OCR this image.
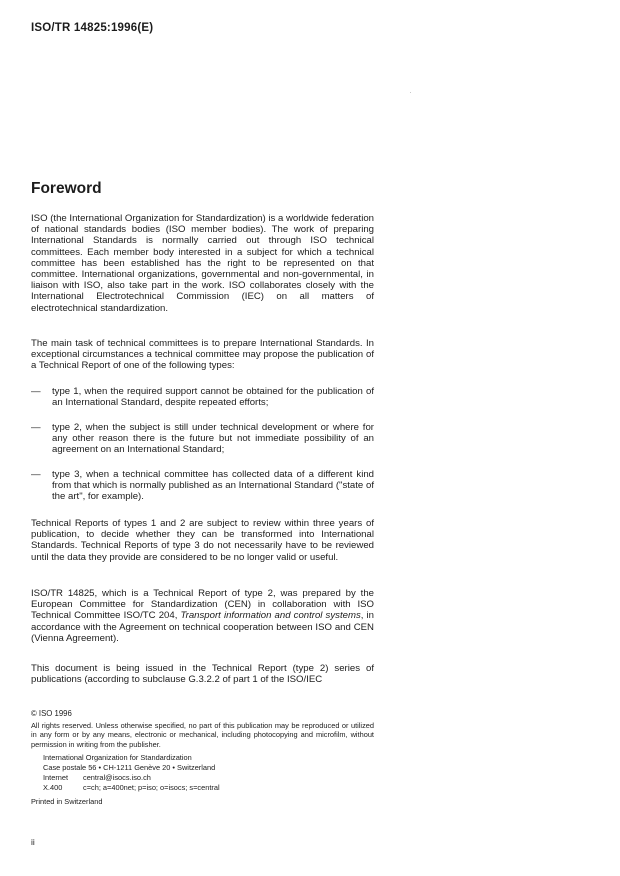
ISO/TR 14825:1996(E)
Foreword

ISO (the International Organization for Standardization) is a worldwide federation of national standards bodies (ISO member bodies). The work of preparing International Standards is normally carried out through ISO technical committees. Each member body interested in a subject for which a technical committee has been established has the right to be represented on that committee. International organizations, governmental and non-governmental, in liaison with ISO, also take part in the work. ISO collaborates closely with the International Electrotechnical Commission (IEC) on all matters of electrotechnical standardization.

The main task of technical committees is to prepare International Standards. In exceptional circumstances a technical committee may propose the publication of a Technical Report of one of the following types:

— type 1, when the required support cannot be obtained for the publication of an International Standard, despite repeated efforts;
— type 2, when the subject is still under technical development or where for any other reason there is the future but not immediate possibility of an agreement on an International Standard;
— type 3, when a technical committee has collected data of a different kind from that which is normally published as an International Standard ("state of the art", for example).

Technical Reports of types 1 and 2 are subject to review within three years of publication, to decide whether they can be transformed into International Standards. Technical Reports of type 3 do not necessarily have to be reviewed until the data they provide are considered to be no longer valid or useful.

ISO/TR 14825, which is a Technical Report of type 2, was prepared by the European Committee for Standardization (CEN) in collaboration with ISO Technical Committee ISO/TC 204, Transport information and control systems, in accordance with the Agreement on technical cooperation between ISO and CEN (Vienna Agreement).

This document is being issued in the Technical Report (type 2) series of publications (according to subclause G.3.2.2 of part 1 of the ISO/IEC

© ISO 1996
All rights reserved. Unless otherwise specified, no part of this publication may be reproduced or utilized in any form or by any means, electronic or mechanical, including photocopying and microfilm, without permission in writing from the publisher.
International Organization for Standardization
Case postale 56 • CH-1211 Genève 20 • Switzerland
Internet central@isocs.iso.ch
X.400	c=ch; a=400net; p=iso; o=isocs; s=central
Printed in Switzerland
ii
